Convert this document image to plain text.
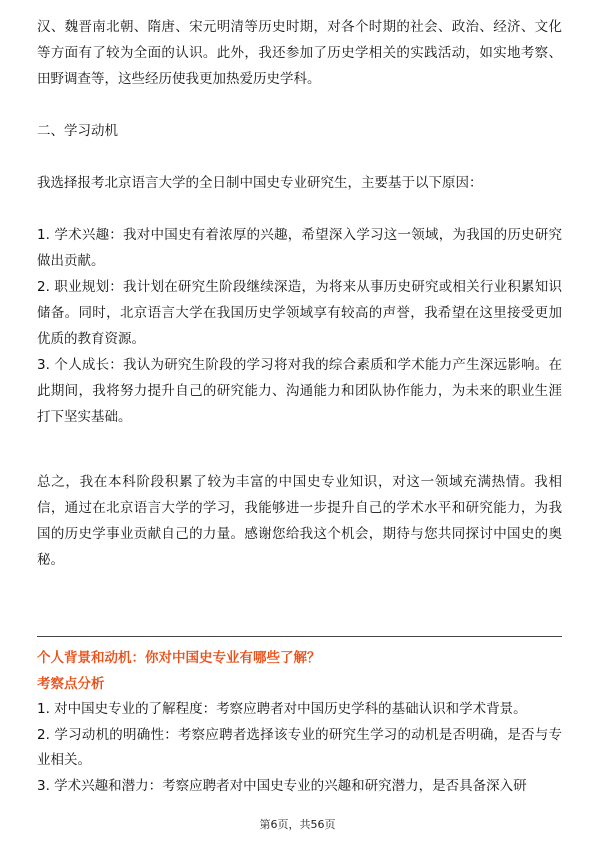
汉、魏晋南北朝、隋唐、宋元明清等历史时期，对各个时期的社会、政治、经济、文化等方面有了较为全面的认识。此外，我还参加了历史学相关的实践活动，如实地考察、田野调查等，这些经历使我更加热爱历史学科。

二、学习动机

我选择报考北京语言大学的全日制中国史专业研究生，主要基于以下原因：

1. 学术兴趣：我对中国史有着浓厚的兴趣，希望深入学习这一领域，为我国的历史研究做出贡献。

2. 职业规划：我计划在研究生阶段继续深造，为将来从事历史研究或相关行业积累知识储备。同时，北京语言大学在我国历史学领域享有较高的声誉，我希望在这里接受更加优质的教育资源。

3. 个人成长：我认为研究生阶段的学习将对我的综合素质和学术能力产生深远影响。在此期间，我将努力提升自己的研究能力、沟通能力和团队协作能力，为未来的职业生涯打下坚实基础。

总之，我在本科阶段积累了较为丰富的中国史专业知识，对这一领域充满热情。我相信，通过在北京语言大学的学习，我能够进一步提升自己的学术水平和研究能力，为我国的历史学事业贡献自己的力量。感谢您给我这个机会，期待与您共同探讨中国史的奥秘。

个人背景和动机：你对中国史专业有哪些了解？

考察点分析

1. 对中国史专业的了解程度：考察应聘者对中国历史学科的基础认识和学术背景。

2. 学习动机的明确性：考察应聘者选择该专业的研究生学习的动机是否明确，是否与专业相关。

3. 学术兴趣和潜力：考察应聘者对中国史专业的兴趣和研究潜力，是否具备深入研

第6页，共56页
